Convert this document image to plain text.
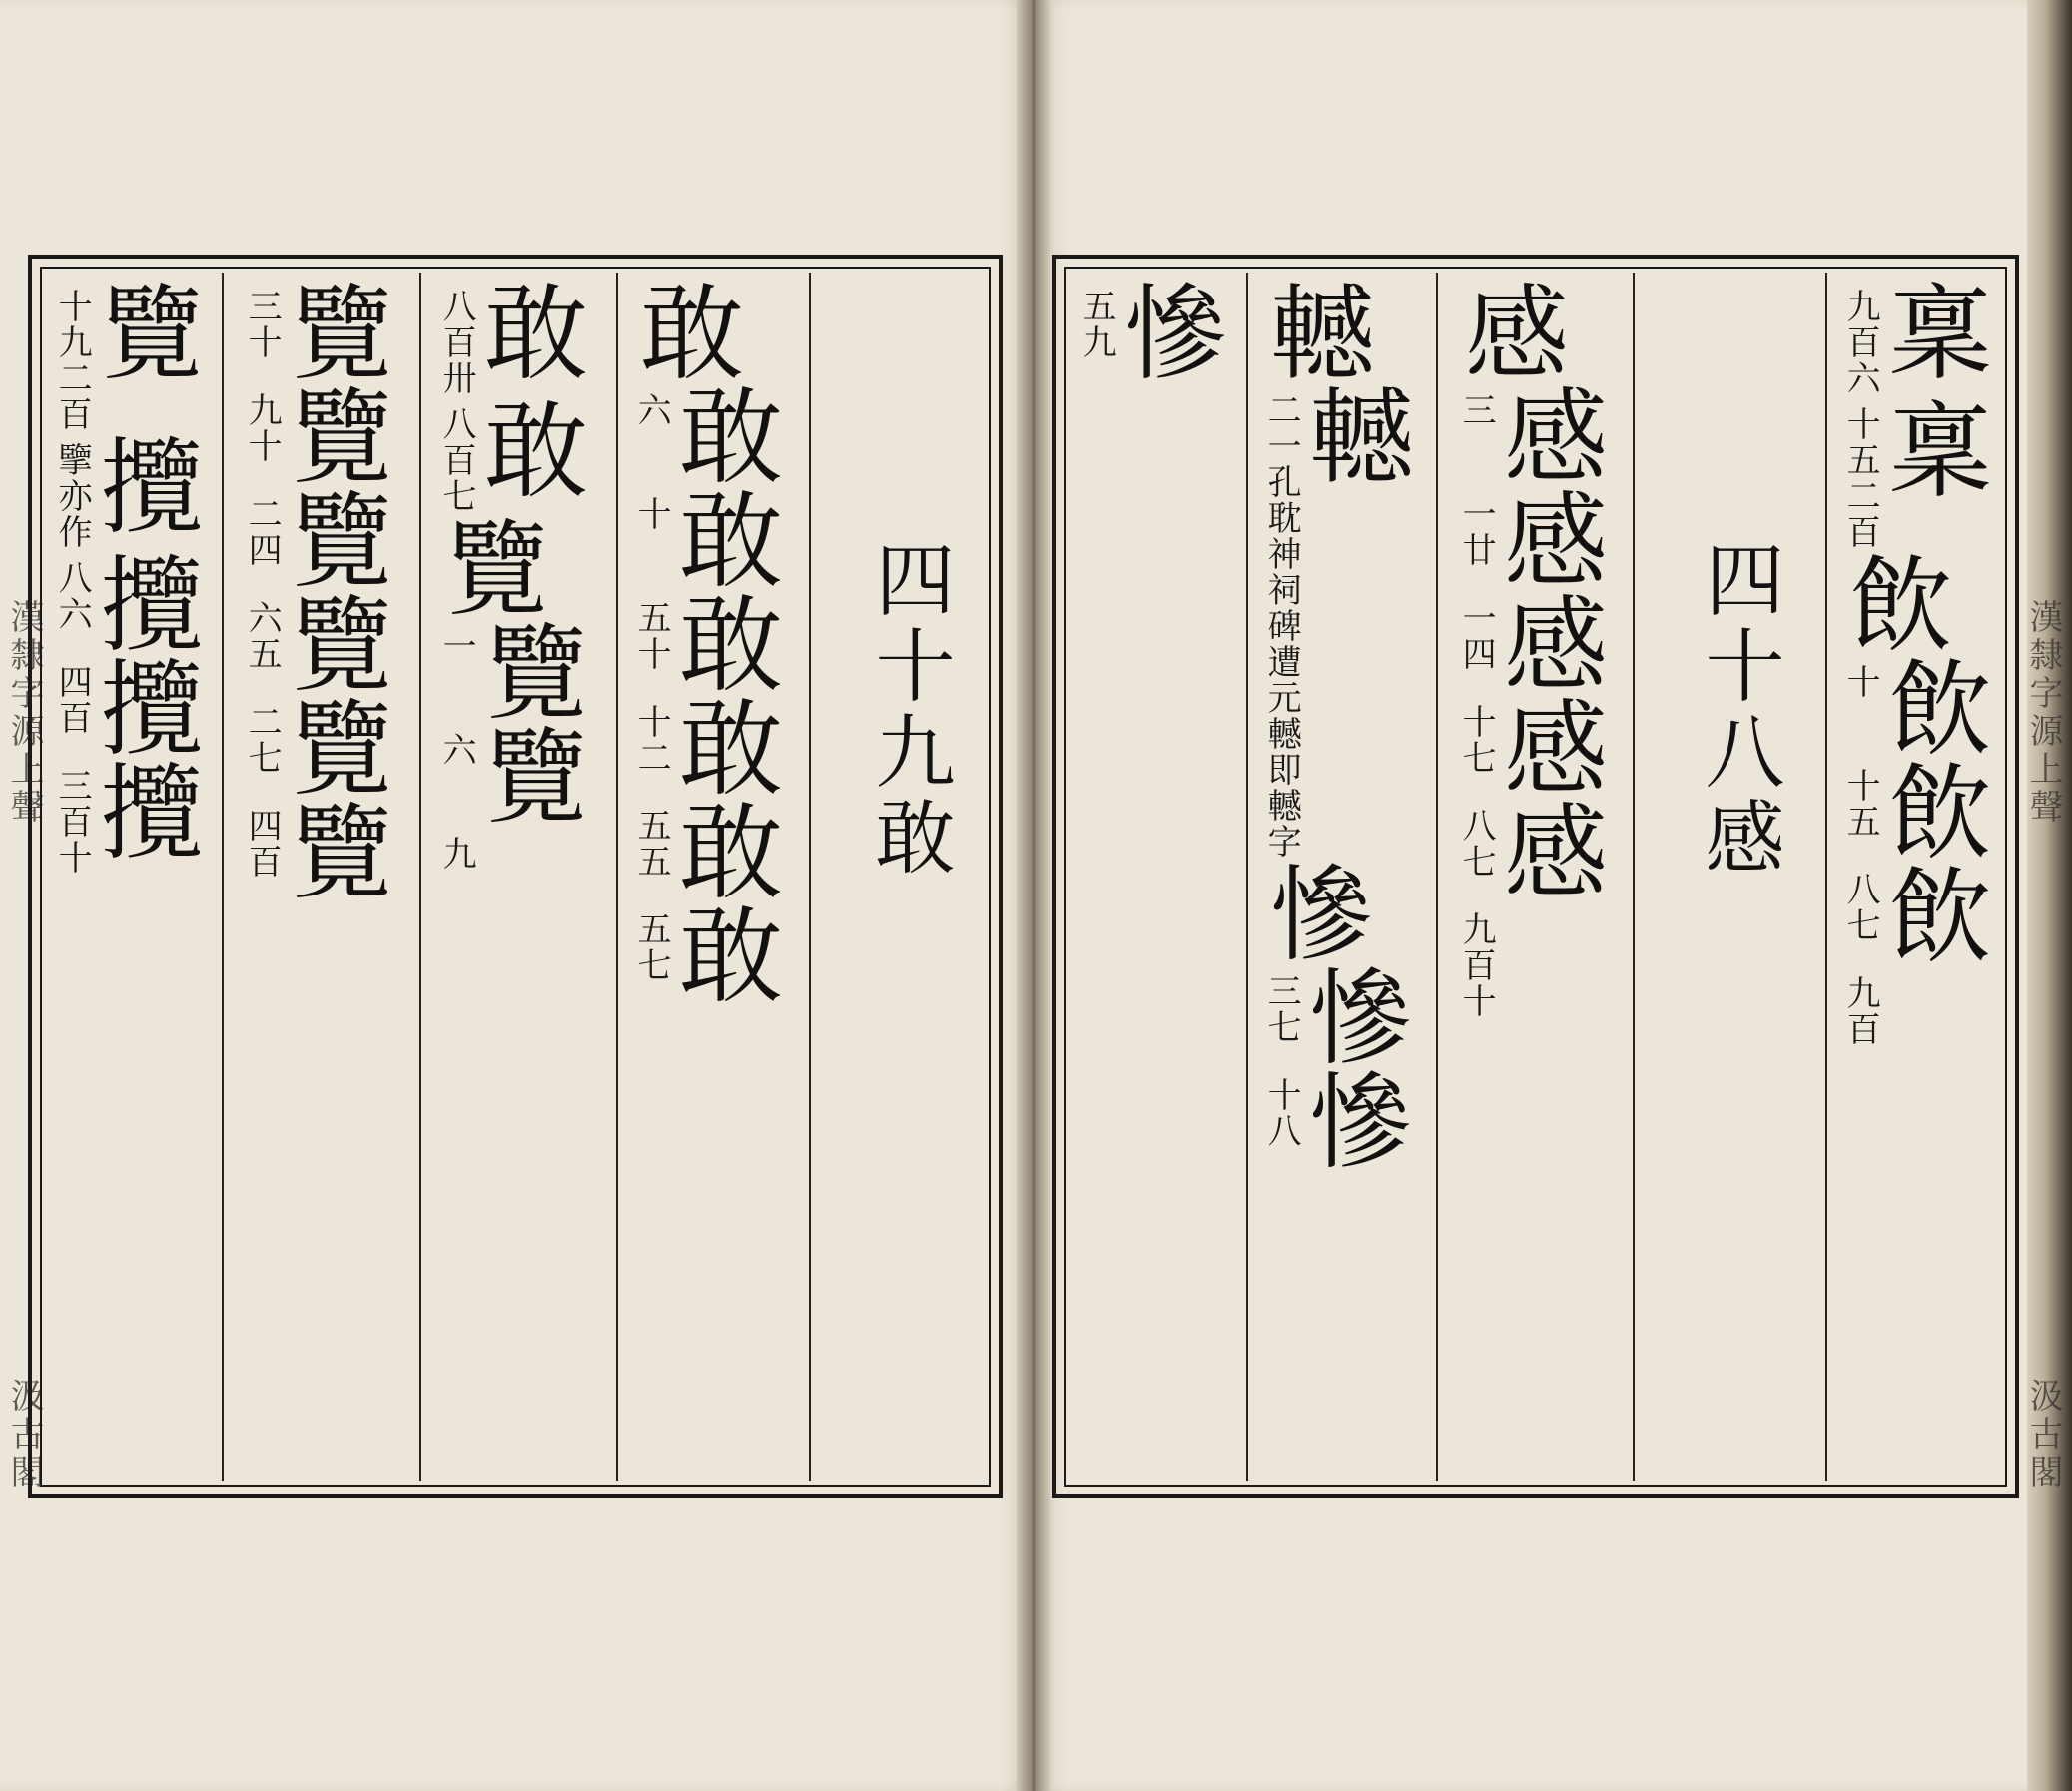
漢隸字源上聲
汲古閣
漢隸字源上聲
汲古閣
四十九敢
敢
敢
六
敢
十
敢
五十
敢
十二
敢
五五
敢
五七
敢
八百卅
敢
八百七
覽
覽
一
覽
六
九
覽
三十
覽
九十
覽
二四
覽
六五
覽
二七
覽
四百
覽
十九二百
攬
擥亦作
攬
八六
攬
四百
攬
三百十
稟
九百六
稟
十五二百
飲
飲
十
飲
十五
飲
八七
九百
四十八感
感
感
三
感
一廿
感
一四
感
十七
感
八七
九百十
轗
轗
二一孔耽神祠碑遭元轗即轗字
慘
慘
三七
慘
十八
慘
五九
